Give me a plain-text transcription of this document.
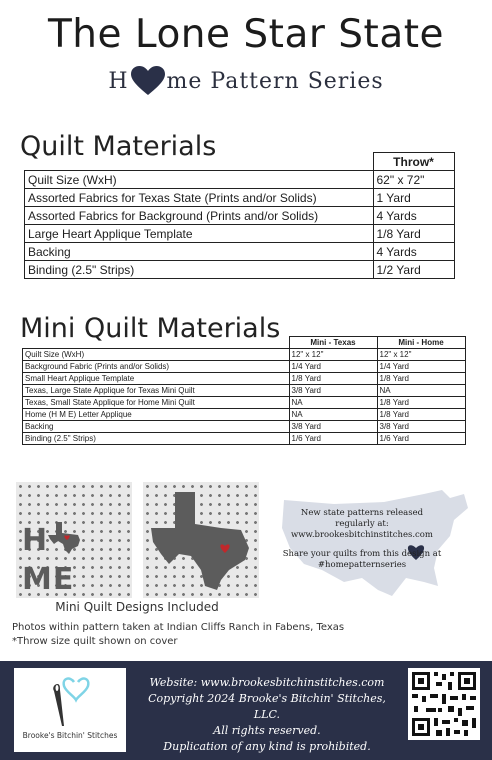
The Lone Star State
H me Pattern Series
Quilt Materials
		Throw*
Quilt Size (WxH)	62" x 72"
Assorted Fabrics for Texas State (Prints and/or Solids)	1 Yard
Assorted Fabrics for Background (Prints and/or Solids)	4 Yards
Large Heart Applique Template	1/8 Yard
Backing	4 Yards
Binding (2.5" Strips)	1/2 Yard
Mini Quilt Materials
		Mini - Texas	Mini - Home
Quilt Size (WxH)	12" x 12"	12" x 12"
Background Fabric (Prints and/or Solids)	1/4 Yard	1/4 Yard
Small Heart Applique Template	1/8 Yard	1/8 Yard
Texas, Large State Applique for Texas Mini Quilt	3/8 Yard	NA
Texas, Small State Applique for Home Mini Quilt	NA	1/8 Yard
Home (H M E) Letter Applique	NA	1/8 Yard
Backing	3/8 Yard	3/8 Yard
Binding (2.5" Strips)	1/6 Yard	1/6 Yard
HME
Mini Quilt Designs Included
Photos within pattern taken at Indian Cliffs Ranch in Fabens, Texas
*Throw size quilt shown on cover
New state patterns released
regularly at:
www.brookesbitchinstitches.com
Share your quilts from this design at
#homepatternseries
Brooke's Bitchin' Stitches
Website: www.brookesbitchinstitches.com
Copyright 2024 Brooke's Bitchin' Stitches, LLC.
All rights reserved.
Duplication of any kind is prohibited.
